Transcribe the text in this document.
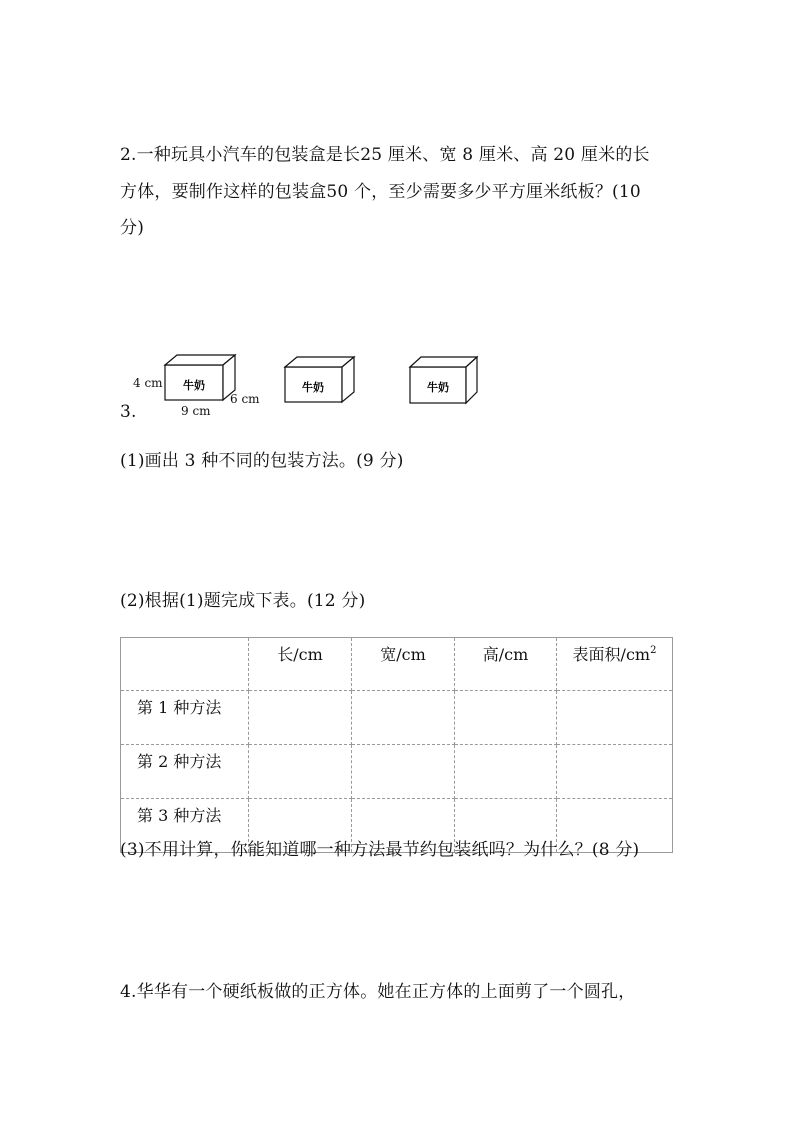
2.一种玩具小汽车的包装盒是长25 厘米、宽 8 厘米、高 20 厘米的长
方体，要制作这样的包装盒50 个，至少需要多少平方厘米纸板？(10
分)
牛奶	牛奶	牛奶
4 cm
6 cm
9 cm
3.
(1)画出 3 种不同的包装方法。(9 分)
(2)根据(1)题完成下表。(12 分)
	长/cm	宽/cm	高/cm	表面积$/cm^2$
第 1 种方法				
第 2 种方法				
第 3 种方法				
(3)不用计算，你能知道哪一种方法最节约包装纸吗？为什么？(8 分)
4.华华有一个硬纸板做的正方体。她在正方体的上面剪了一个圆孔，
